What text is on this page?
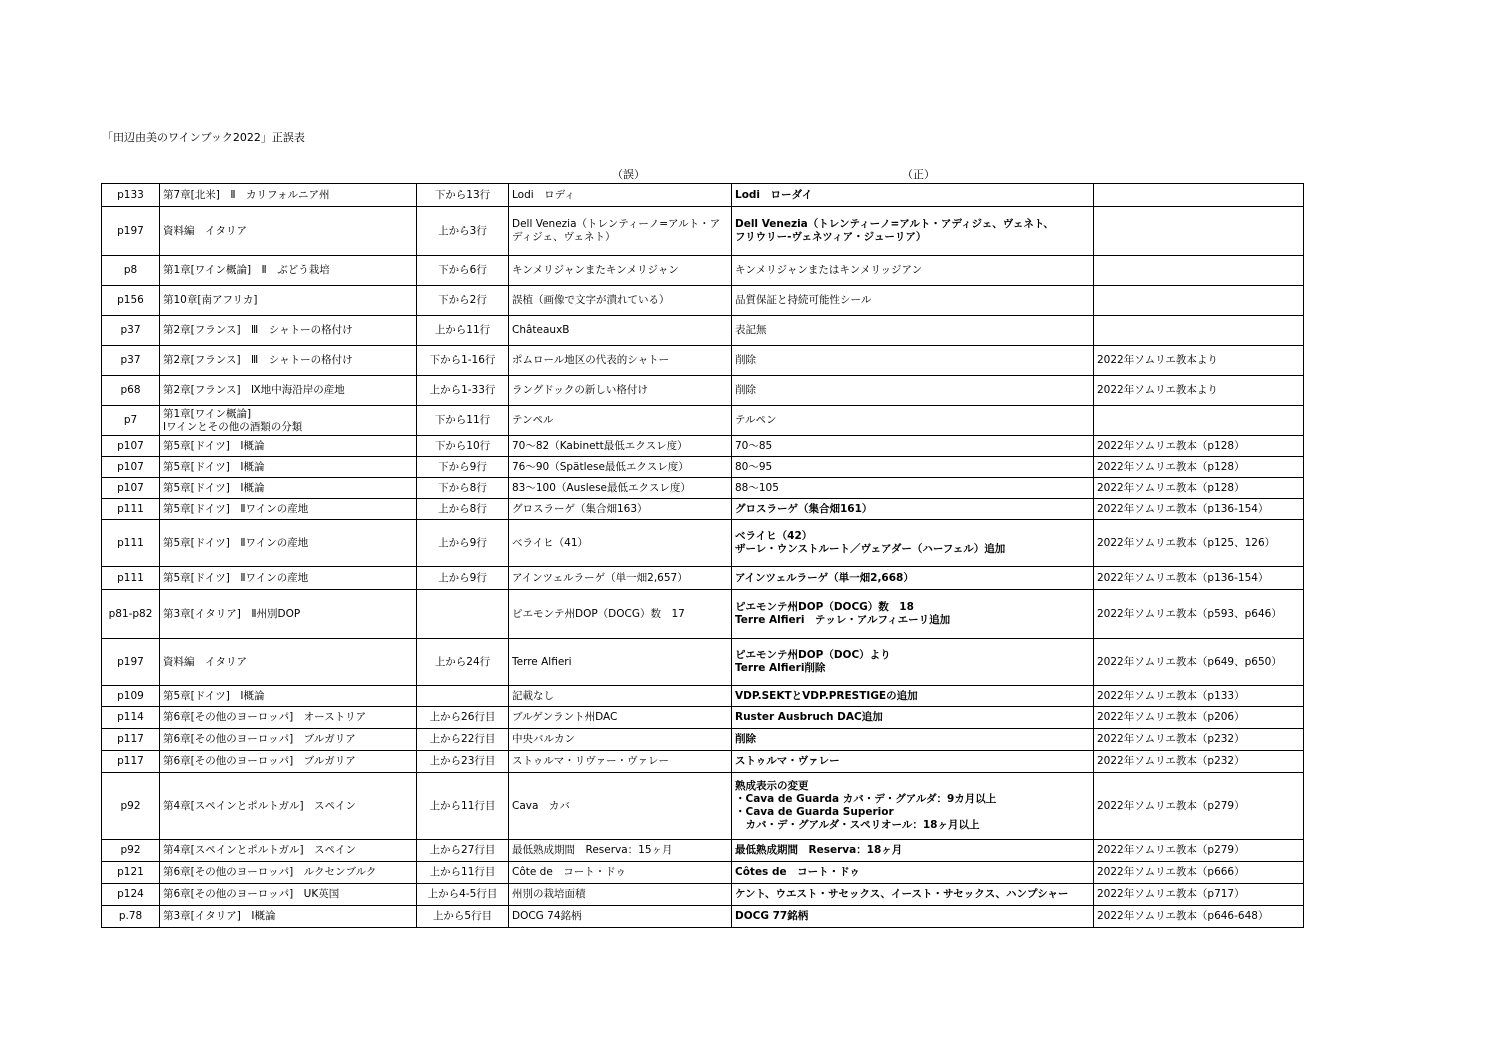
「田辺由美のワインブック2022」正誤表
（誤）	（正）
p133	第7章[北米]　Ⅱ　カリフォルニア州	下から13行	Lodi　ロディ	Lodi　ローダイ	
p197	資料編　イタリア	上から3行	Dell Venezia（トレンティーノ=アルト・アディジェ、ヴェネト）	Dell Venezia（トレンティーノ=アルト・アディジェ、ヴェネト、
フリウリー-ヴェネツィア・ジューリア）	
p8	第1章[ワイン概論]　Ⅱ　ぶどう栽培	下から6行	キンメリジャンまたキンメリジャン	キンメリジャンまたはキンメリッジアン	
p156	第10章[南アフリカ]	下から2行	誤植（画像で文字が潰れている）	品質保証と持続可能性シール	
p37	第2章[フランス]　Ⅲ　シャトーの格付け	上から11行	ChâteauxB	表記無	
p37	第2章[フランス]　Ⅲ　シャトーの格付け	下から1-16行	ポムロール地区の代表的シャトー	削除	2022年ソムリエ教本より
p68	第2章[フランス]　Ⅸ地中海沿岸の産地	上から1-33行	ラングドックの新しい格付け	削除	2022年ソムリエ教本より
p7	第1章[ワイン概論]
Ⅰワインとその他の酒類の分類	下から11行	テンペル	テルペン	
p107	第5章[ドイツ]　Ⅰ概論	下から10行	70～82（Kabinett最低エクスレ度）	70～85	2022年ソムリエ教本（p128）
p107	第5章[ドイツ]　Ⅰ概論	下から9行	76～90（Spätlese最低エクスレ度）	80～95	2022年ソムリエ教本（p128）
p107	第5章[ドイツ]　Ⅰ概論	下から8行	83～100（Auslese最低エクスレ度）	88～105	2022年ソムリエ教本（p128）
p111	第5章[ドイツ]　Ⅱワインの産地	上から8行	グロスラーゲ（集合畑163）	グロスラーゲ（集合畑161）	2022年ソムリエ教本（p136-154）
p111	第5章[ドイツ]　Ⅱワインの産地	上から9行	ベライヒ（41）	ベライヒ（42）
ザーレ・ウンストルート／ヴェアダー（ハーフェル）追加	2022年ソムリエ教本（p125、126）
p111	第5章[ドイツ]　Ⅱワインの産地	上から9行	アインツェルラーゲ（単一畑2,657）	アインツェルラーゲ（単一畑2,668）	2022年ソムリエ教本（p136-154）
p81-p82	第3章[イタリア]　Ⅱ州別DOP		ピエモンテ州DOP（DOCG）数　17	ピエモンテ州DOP（DOCG）数　18
Terre Alfieri　テッレ・アルフィエーリ追加	2022年ソムリエ教本（p593、p646）
p197	資料編　イタリア	上から24行	Terre Alfieri	ピエモンテ州DOP（DOC）より
Terre Alfieri削除	2022年ソムリエ教本（p649、p650）
p109	第5章[ドイツ]　Ⅰ概論		記載なし	VDP.SEKTとVDP.PRESTIGEの追加	2022年ソムリエ教本（p133）
p114	第6章[その他のヨーロッパ]　オーストリア	上から26行目	ブルゲンラント州DAC	Ruster Ausbruch DAC追加	2022年ソムリエ教本（p206）
p117	第6章[その他のヨーロッパ]　ブルガリア	上から22行目	中央バルカン	削除	2022年ソムリエ教本（p232）
p117	第6章[その他のヨーロッパ]　ブルガリア	上から23行目	ストゥルマ・リヴァー・ヴァレー	ストゥルマ・ヴァレー	2022年ソムリエ教本（p232）
p92	第4章[スペインとポルトガル]　スペイン	上から11行目	Cava　カバ	熟成表示の変更
・Cava de Guarda カバ・デ・グアルダ：9カ月以上
・Cava de Guarda Superior
　カバ・デ・グアルダ・スペリオール：18ヶ月以上	2022年ソムリエ教本（p279）
p92	第4章[スペインとポルトガル]　スペイン	上から27行目	最低熟成期間　Reserva：15ヶ月	最低熟成期間　Reserva：18ヶ月	2022年ソムリエ教本（p279）
p121	第6章[その他のヨーロッパ]　ルクセンブルク	上から11行目	Côte de　コート・ドゥ	Côtes de　コート・ドゥ	2022年ソムリエ教本（p666）
p124	第6章[その他のヨーロッパ]　UK英国	上から4-5行目	州別の栽培面積	ケント、ウエスト・サセックス、イースト・サセックス、ハンプシャー	2022年ソムリエ教本（p717）
p.78	第3章[イタリア]　Ⅰ概論	上から5行目	DOCG 74銘柄	DOCG 77銘柄	2022年ソムリエ教本（p646-648）
